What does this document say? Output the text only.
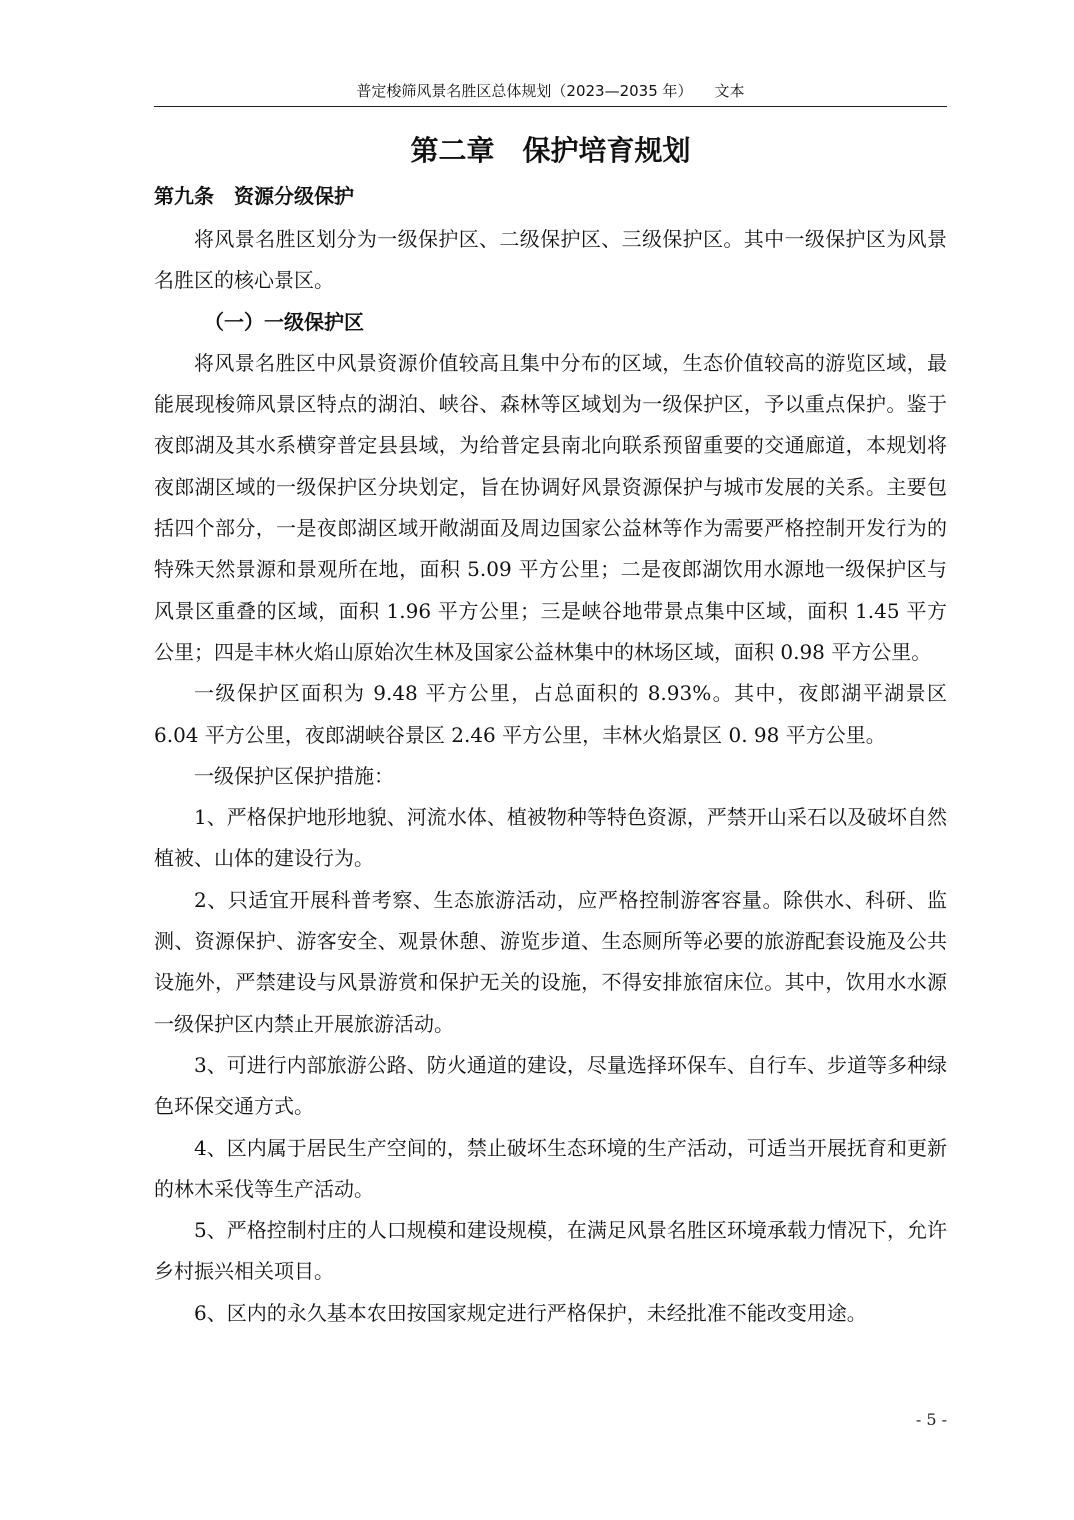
普定梭筛风景名胜区总体规划（2023—2035 年） 文本
第二章　保护培育规划
第九条　资源分级保护

将风景名胜区划分为一级保护区、二级保护区、三级保护区。其中一级保护区为风景名胜区的核心景区。

（一）一级保护区

将风景名胜区中风景资源价值较高且集中分布的区域，生态价值较高的游览区域，最能展现梭筛风景区特点的湖泊、峡谷、森林等区域划为一级保护区，予以重点保护。鉴于夜郎湖及其水系横穿普定县县域，为给普定县南北向联系预留重要的交通廊道，本规划将夜郎湖区域的一级保护区分块划定，旨在协调好风景资源保护与城市发展的关系。主要包括四个部分，一是夜郎湖区域开敞湖面及周边国家公益林等作为需要严格控制开发行为的特殊天然景源和景观所在地，面积 5.09 平方公里；二是夜郎湖饮用水源地一级保护区与风景区重叠的区域，面积 1.96 平方公里；三是峡谷地带景点集中区域，面积 1.45 平方公里；四是丰林火焰山原始次生林及国家公益林集中的林场区域，面积 0.98 平方公里。

一级保护区面积为 9.48 平方公里，占总面积的 8.93%。其中，夜郎湖平湖景区 6.04 平方公里，夜郎湖峡谷景区 2.46 平方公里，丰林火焰景区 0. 98 平方公里。

一级保护区保护措施：

1、严格保护地形地貌、河流水体、植被物种等特色资源，严禁开山采石以及破坏自然植被、山体的建设行为。

2、只适宜开展科普考察、生态旅游活动，应严格控制游客容量。除供水、科研、监测、资源保护、游客安全、观景休憩、游览步道、生态厕所等必要的旅游配套设施及公共设施外，严禁建设与风景游赏和保护无关的设施，不得安排旅宿床位。其中，饮用水水源一级保护区内禁止开展旅游活动。

3、可进行内部旅游公路、防火通道的建设，尽量选择环保车、自行车、步道等多种绿色环保交通方式。

4、区内属于居民生产空间的，禁止破坏生态环境的生产活动，可适当开展抚育和更新的林木采伐等生产活动。

5、严格控制村庄的人口规模和建设规模，在满足风景名胜区环境承载力情况下，允许乡村振兴相关项目。

6、区内的永久基本农田按国家规定进行严格保护，未经批准不能改变用途。

- 5 -
